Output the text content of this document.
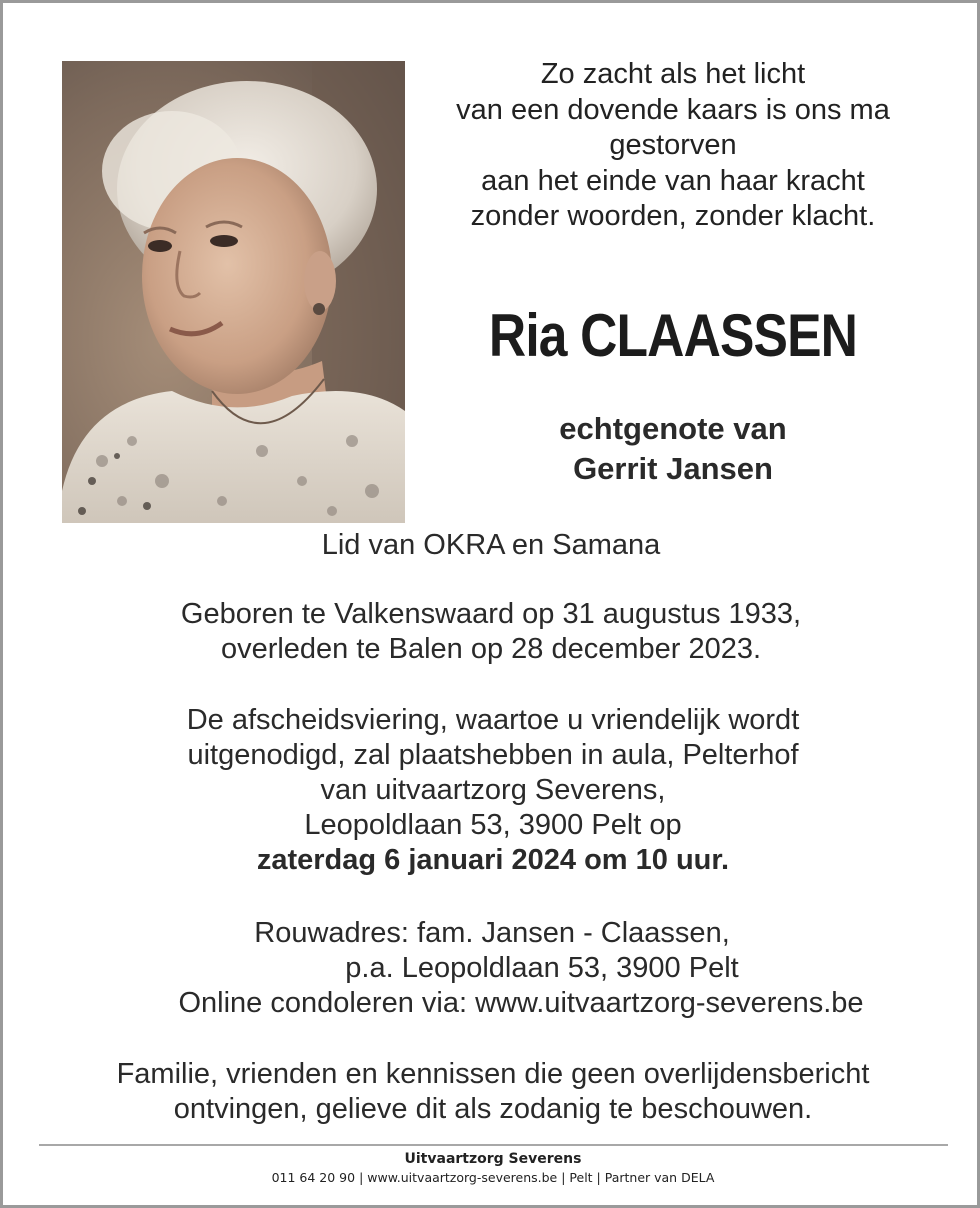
Zo zacht als het licht
van een dovende kaars is ons ma
gestorven
aan het einde van haar kracht
zonder woorden, zonder klacht.
Ria CLAASSEN
echtgenote van
Gerrit Jansen
Lid van OKRA en Samana
Geboren te Valkenswaard op 31 augustus 1933,
overleden te Balen op 28 december 2023.
De afscheidsviering, waartoe u vriendelijk wordt
uitgenodigd, zal plaatshebben in aula, Pelterhof
van uitvaartzorg Severens,
Leopoldlaan 53, 3900 Pelt op
zaterdag 6 januari 2024 om 10 uur.
Rouwadres: fam. Jansen - Claassen,
p.a. Leopoldlaan 53, 3900 Pelt
Online condoleren via: www.uitvaartzorg-severens.be
Familie, vrienden en kennissen die geen overlijdensbericht
ontvingen, gelieve dit als zodanig te beschouwen.
Uitvaartzorg Severens
011 64 20 90 | www.uitvaartzorg-severens.be | Pelt | Partner van DELA
